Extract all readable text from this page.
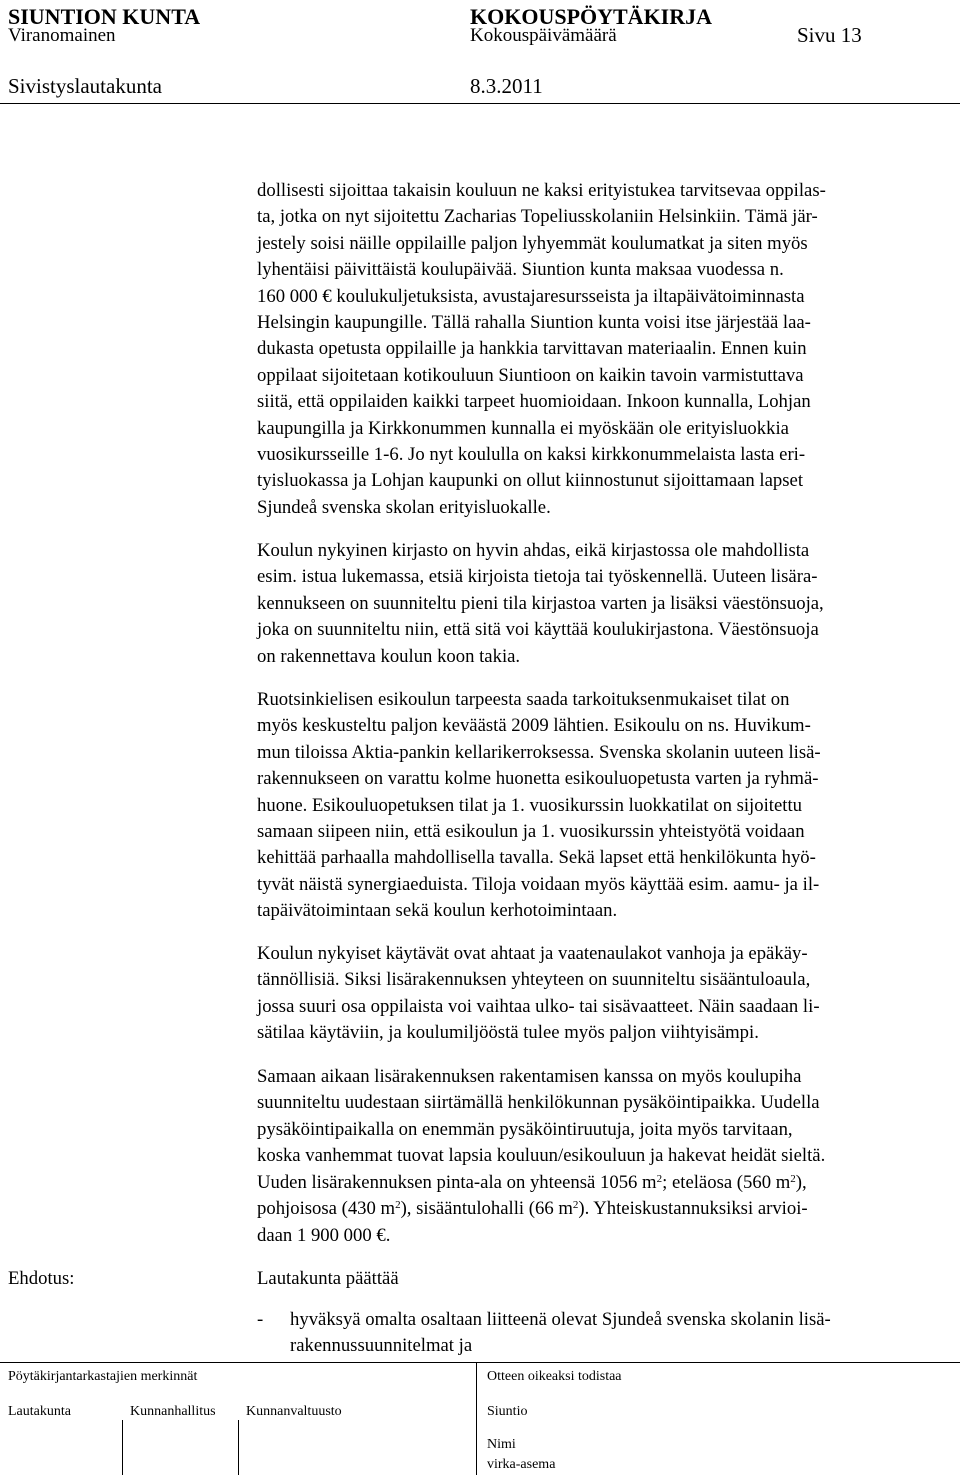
SIUNTION KUNTA	KOKOUSPÖYTÄKIRJA
Viranomainen	Kokouspäivämäärä	Sivu 13
Sivistyslautakunta	8.3.2011
dollisesti sijoittaa takaisin kouluun ne kaksi erityistukea tarvitsevaa oppilas-
ta, jotka on nyt sijoitettu Zacharias Topeliusskolaniin Helsinkiin. Tämä jär-
jestely soisi näille oppilaille paljon lyhyemmät koulumatkat ja siten myös
lyhentäisi päivittäistä koulupäivää. Siuntion kunta maksaa vuodessa n.
160 000 € koulukuljetuksista, avustajaresursseista ja iltapäivätoiminnasta
Helsingin kaupungille. Tällä rahalla Siuntion kunta voisi itse järjestää laa-
dukasta opetusta oppilaille ja hankkia tarvittavan materiaalin. Ennen kuin
oppilaat sijoitetaan kotikouluun Siuntioon on kaikin tavoin varmistuttava
siitä, että oppilaiden kaikki tarpeet huomioidaan. Inkoon kunnalla, Lohjan
kaupungilla ja Kirkkonummen kunnalla ei myöskään ole erityisluokkia
vuosikursseille 1-6. Jo nyt koululla on kaksi kirkkonummelaista lasta eri-
tyisluokassa ja Lohjan kaupunki on ollut kiinnostunut sijoittamaan lapset
Sjundeå svenska skolan erityisluokalle.
Koulun nykyinen kirjasto on hyvin ahdas, eikä kirjastossa ole mahdollista
esim. istua lukemassa, etsiä kirjoista tietoja tai työskennellä. Uuteen lisära-
kennukseen on suunniteltu pieni tila kirjastoa varten ja lisäksi väestönsuoja,
joka on suunniteltu niin, että sitä voi käyttää koulukirjastona. Väestönsuoja
on rakennettava koulun koon takia.
Ruotsinkielisen esikoulun tarpeesta saada tarkoituksenmukaiset tilat on
myös keskusteltu paljon keväästä 2009 lähtien. Esikoulu on ns. Huvikum-
mun tiloissa Aktia-pankin kellarikerroksessa. Svenska skolanin uuteen lisä-
rakennukseen on varattu kolme huonetta esikouluopetusta varten ja ryhmä-
huone. Esikouluopetuksen tilat ja 1. vuosikurssin luokkatilat on sijoitettu
samaan siipeen niin, että esikoulun ja 1. vuosikurssin yhteistyötä voidaan
kehittää parhaalla mahdollisella tavalla. Sekä lapset että henkilökunta hyö-
tyvät näistä synergiaeduista. Tiloja voidaan myös käyttää esim. aamu- ja il-
tapäivätoimintaan sekä koulun kerhotoimintaan.
Koulun nykyiset käytävät ovat ahtaat ja vaatenaulakot vanhoja ja epäkäy-
tännöllisiä. Siksi lisärakennuksen yhteyteen on suunniteltu sisääntuloaula,
jossa suuri osa oppilaista voi vaihtaa ulko- tai sisävaatteet. Näin saadaan li-
sätilaa käytäviin, ja koulumiljööstä tulee myös paljon viihtyisämpi.
Samaan aikaan lisärakennuksen rakentamisen kanssa on myös koulupiha
suunniteltu uudestaan siirtämällä henkilökunnan pysäköintipaikka. Uudella
pysäköintipaikalla on enemmän pysäköintiruutuja, joita myös tarvitaan,
koska vanhemmat tuovat lapsia kouluun/esikouluun ja hakevat heidät sieltä.
Uuden lisärakennuksen pinta-ala on yhteensä 1056 $m^2$; eteläosa (560 $m^2$),
pohjoisosa (430 $m^2$), sisääntulohalli (66 $m^2$). Yhteiskustannuksiksi arvioi-
daan 1 900 000 €.
Ehdotus:	Lautakunta päättää
- hyväksyä omalta osaltaan liitteenä olevat Sjundeå svenska skolanin lisä-
rakennussuunnitelmat ja
Pöytäkirjantarkastajien merkinnät	Otteen oikeaksi todistaa
Lautakunta	Kunnanhallitus Kunnanvaltuusto	Siuntio
Nimi
virka-asema
